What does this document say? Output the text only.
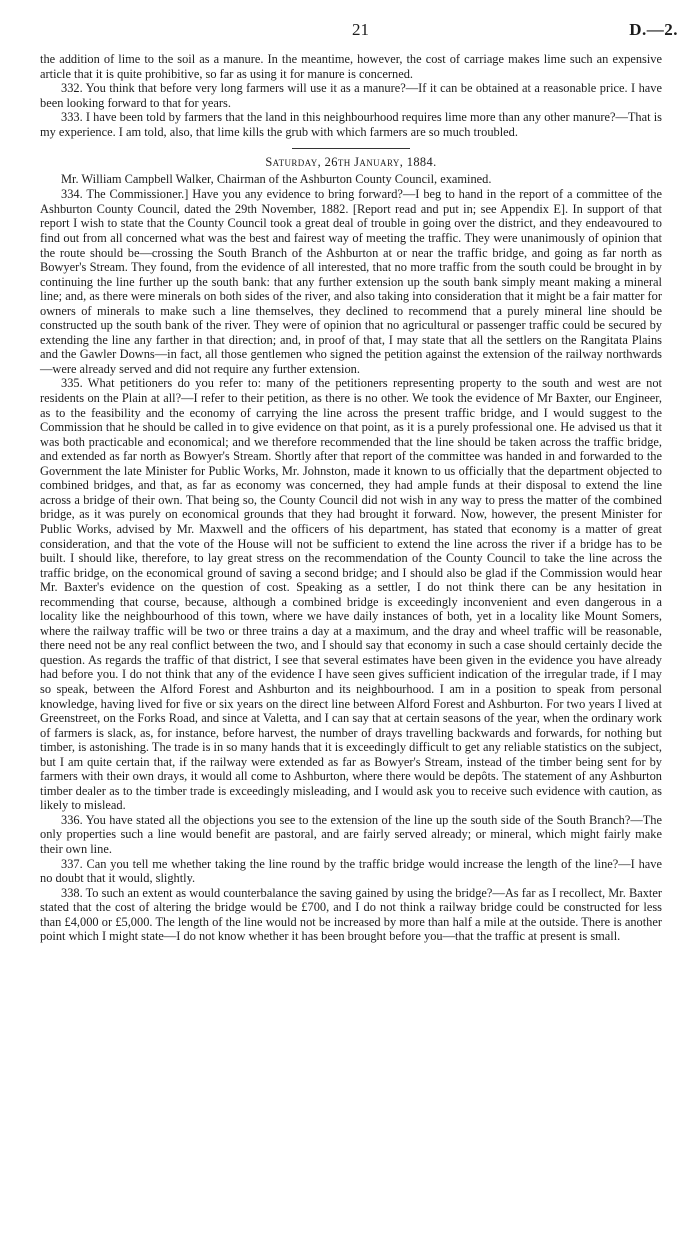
21	D.—2.

the addition of lime to the soil as a manure. In the meantime, however, the cost of carriage makes lime such an expensive article that it is quite prohibitive, so far as using it for manure is concerned.

332. You think that before very long farmers will use it as a manure?—If it can be obtained at a reasonable price. I have been looking forward to that for years.

333. I have been told by farmers that the land in this neighbourhood requires lime more than any other manure?—That is my experience. I am told, also, that lime kills the grub with which farmers are so much troubled.

Saturday, 26th January, 1884.

Mr. William Campbell Walker, Chairman of the Ashburton County Council, examined.

334. The Commissioner.] Have you any evidence to bring forward?—I beg to hand in the report of a committee of the Ashburton County Council, dated the 29th November, 1882. [Report read and put in; see Appendix E]. In support of that report I wish to state that the County Council took a great deal of trouble in going over the district, and they endeavoured to find out from all concerned what was the best and fairest way of meeting the traffic. They were unanimously of opinion that the route should be—crossing the South Branch of the Ashburton at or near the traffic bridge, and going as far north as Bowyer's Stream. They found, from the evidence of all interested, that no more traffic from the south could be brought in by continuing the line further up the south bank: that any further extension up the south bank simply meant making a mineral line; and, as there were minerals on both sides of the river, and also taking into consideration that it might be a fair matter for owners of minerals to make such a line themselves, they declined to recommend that a purely mineral line should be constructed up the south bank of the river. They were of opinion that no agricultural or passenger traffic could be secured by extending the line any farther in that direction; and, in proof of that, I may state that all the settlers on the Rangitata Plains and the Gawler Downs—in fact, all those gentlemen who signed the petition against the extension of the railway northwards—were already served and did not require any further extension.

335. What petitioners do you refer to: many of the petitioners representing property to the south and west are not residents on the Plain at all?—I refer to their petition, as there is no other. We took the evidence of Mr Baxter, our Engineer, as to the feasibility and the economy of carrying the line across the present traffic bridge, and I would suggest to the Commission that he should be called in to give evidence on that point, as it is a purely professional one. He advised us that it was both practicable and economical; and we therefore recommended that the line should be taken across the traffic bridge, and extended as far north as Bowyer's Stream. Shortly after that report of the committee was handed in and forwarded to the Government the late Minister for Public Works, Mr. Johnston, made it known to us officially that the department objected to combined bridges, and that, as far as economy was concerned, they had ample funds at their disposal to extend the line across a bridge of their own. That being so, the County Council did not wish in any way to press the matter of the combined bridge, as it was purely on economical grounds that they had brought it forward. Now, however, the present Minister for Public Works, advised by Mr. Maxwell and the officers of his department, has stated that economy is a matter of great consideration, and that the vote of the House will not be sufficient to extend the line across the river if a bridge has to be built. I should like, therefore, to lay great stress on the recommendation of the County Council to take the line across the traffic bridge, on the economical ground of saving a second bridge; and I should also be glad if the Commission would hear Mr. Baxter's evidence on the question of cost. Speaking as a settler, I do not think there can be any hesitation in recommending that course, because, although a combined bridge is exceedingly inconvenient and even dangerous in a locality like the neighbourhood of this town, where we have daily instances of both, yet in a locality like Mount Somers, where the railway traffic will be two or three trains a day at a maximum, and the dray and wheel traffic will be reasonable, there need not be any real conflict between the two, and I should say that economy in such a case should certainly decide the question. As regards the traffic of that district, I see that several estimates have been given in the evidence you have already had before you. I do not think that any of the evidence I have seen gives sufficient indication of the irregular trade, if I may so speak, between the Alford Forest and Ashburton and its neighbourhood. I am in a position to speak from personal knowledge, having lived for five or six years on the direct line between Alford Forest and Ashburton. For two years I lived at Greenstreet, on the Forks Road, and since at Valetta, and I can say that at certain seasons of the year, when the ordinary work of farmers is slack, as, for instance, before harvest, the number of drays travelling backwards and forwards, for nothing but timber, is astonishing. The trade is in so many hands that it is exceedingly difficult to get any reliable statistics on the subject, but I am quite certain that, if the railway were extended as far as Bowyer's Stream, instead of the timber being sent for by farmers with their own drays, it would all come to Ashburton, where there would be depôts. The statement of any Ashburton timber dealer as to the timber trade is exceedingly misleading, and I would ask you to receive such evidence with caution, as likely to mislead.

336. You have stated all the objections you see to the extension of the line up the south side of the South Branch?—The only properties such a line would benefit are pastoral, and are fairly served already; or mineral, which might fairly make their own line.

337. Can you tell me whether taking the line round by the traffic bridge would increase the length of the line?—I have no doubt that it would, slightly.

338. To such an extent as would counterbalance the saving gained by using the bridge?—As far as I recollect, Mr. Baxter stated that the cost of altering the bridge would be £700, and I do not think a railway bridge could be constructed for less than £4,000 or £5,000. The length of the line would not be increased by more than half a mile at the outside. There is another point which I might state—I do not know whether it has been brought before you—that the traffic at present is small.
